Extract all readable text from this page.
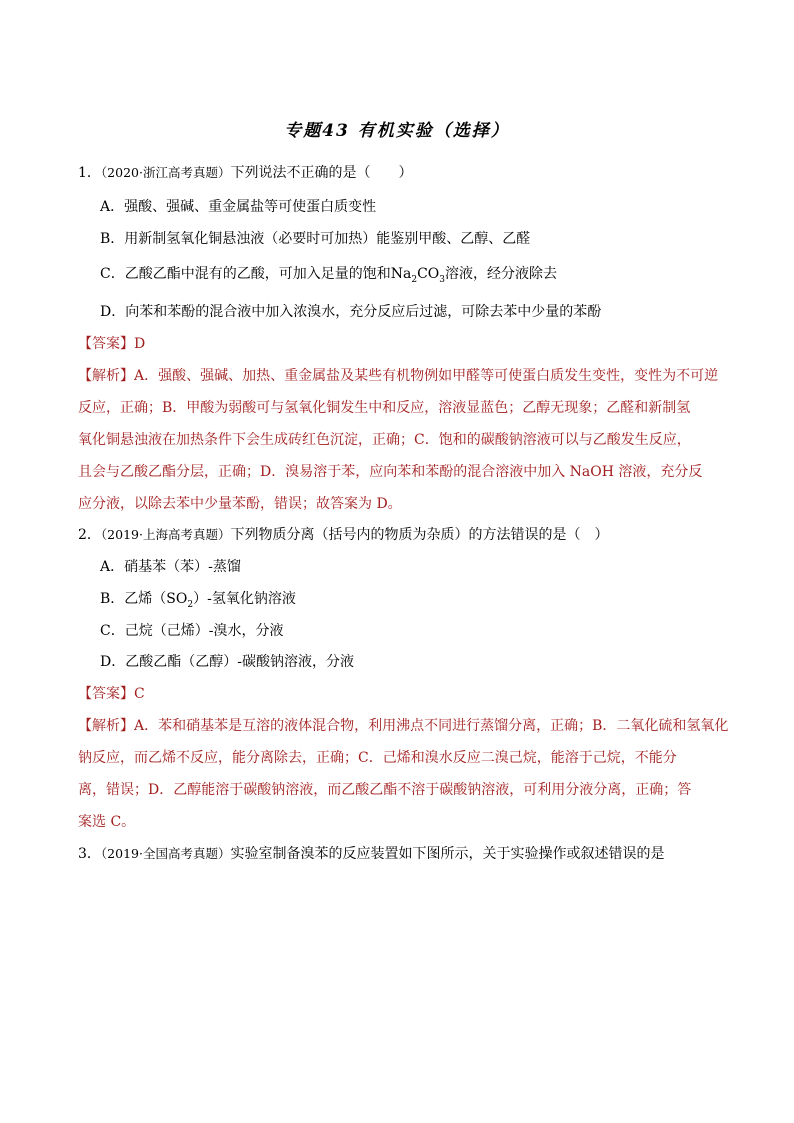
专题43 有机实验（选择）
1．（2020·浙江高考真题）下列说法不正确的是（　　）
A．强酸、强碱、重金属盐等可使蛋白质变性
B．用新制氢氧化铜悬浊液（必要时可加热）能鉴别甲酸、乙醇、乙醛
C．乙酸乙酯中混有的乙酸，可加入足量的饱和$Na_2CO_3$溶液，经分液除去
D．向苯和苯酚的混合液中加入浓溴水，充分反应后过滤，可除去苯中少量的苯酚
【答案】D
【解析】A．强酸、强碱、加热、重金属盐及某些有机物例如甲醛等可使蛋白质发生变性，变性为不可逆
反应，正确；B．甲酸为弱酸可与氢氧化铜发生中和反应，溶液显蓝色；乙醇无现象；乙醛和新制氢
氧化铜悬浊液在加热条件下会生成砖红色沉淀，正确；C．饱和的碳酸钠溶液可以与乙酸发生反应，
且会与乙酸乙酯分层，正确；D．溴易溶于苯，应向苯和苯酚的混合溶液中加入 NaOH 溶液，充分反
应分液，以除去苯中少量苯酚，错误；故答案为 D。
2．（2019·上海高考真题）下列物质分离（括号内的物质为杂质）的方法错误的是（　）
A．硝基苯（苯）-蒸馏
B．乙烯$(SO_2)-$氢氧化钠溶液
C．己烷（己烯）-溴水，分液
D．乙酸乙酯（乙醇）-碳酸钠溶液，分液
【答案】C
【解析】A．苯和硝基苯是互溶的液体混合物，利用沸点不同进行蒸馏分离，正确；B．二氧化硫和氢氧化
钠反应，而乙烯不反应，能分离除去，正确；C．己烯和溴水反应二溴己烷，能溶于己烷，不能分
离，错误；D．乙醇能溶于碳酸钠溶液，而乙酸乙酯不溶于碳酸钠溶液，可利用分液分离，正确；答
案选 C。
3．（2019·全国高考真题）实验室制备溴苯的反应装置如下图所示，关于实验操作或叙述错误的是
